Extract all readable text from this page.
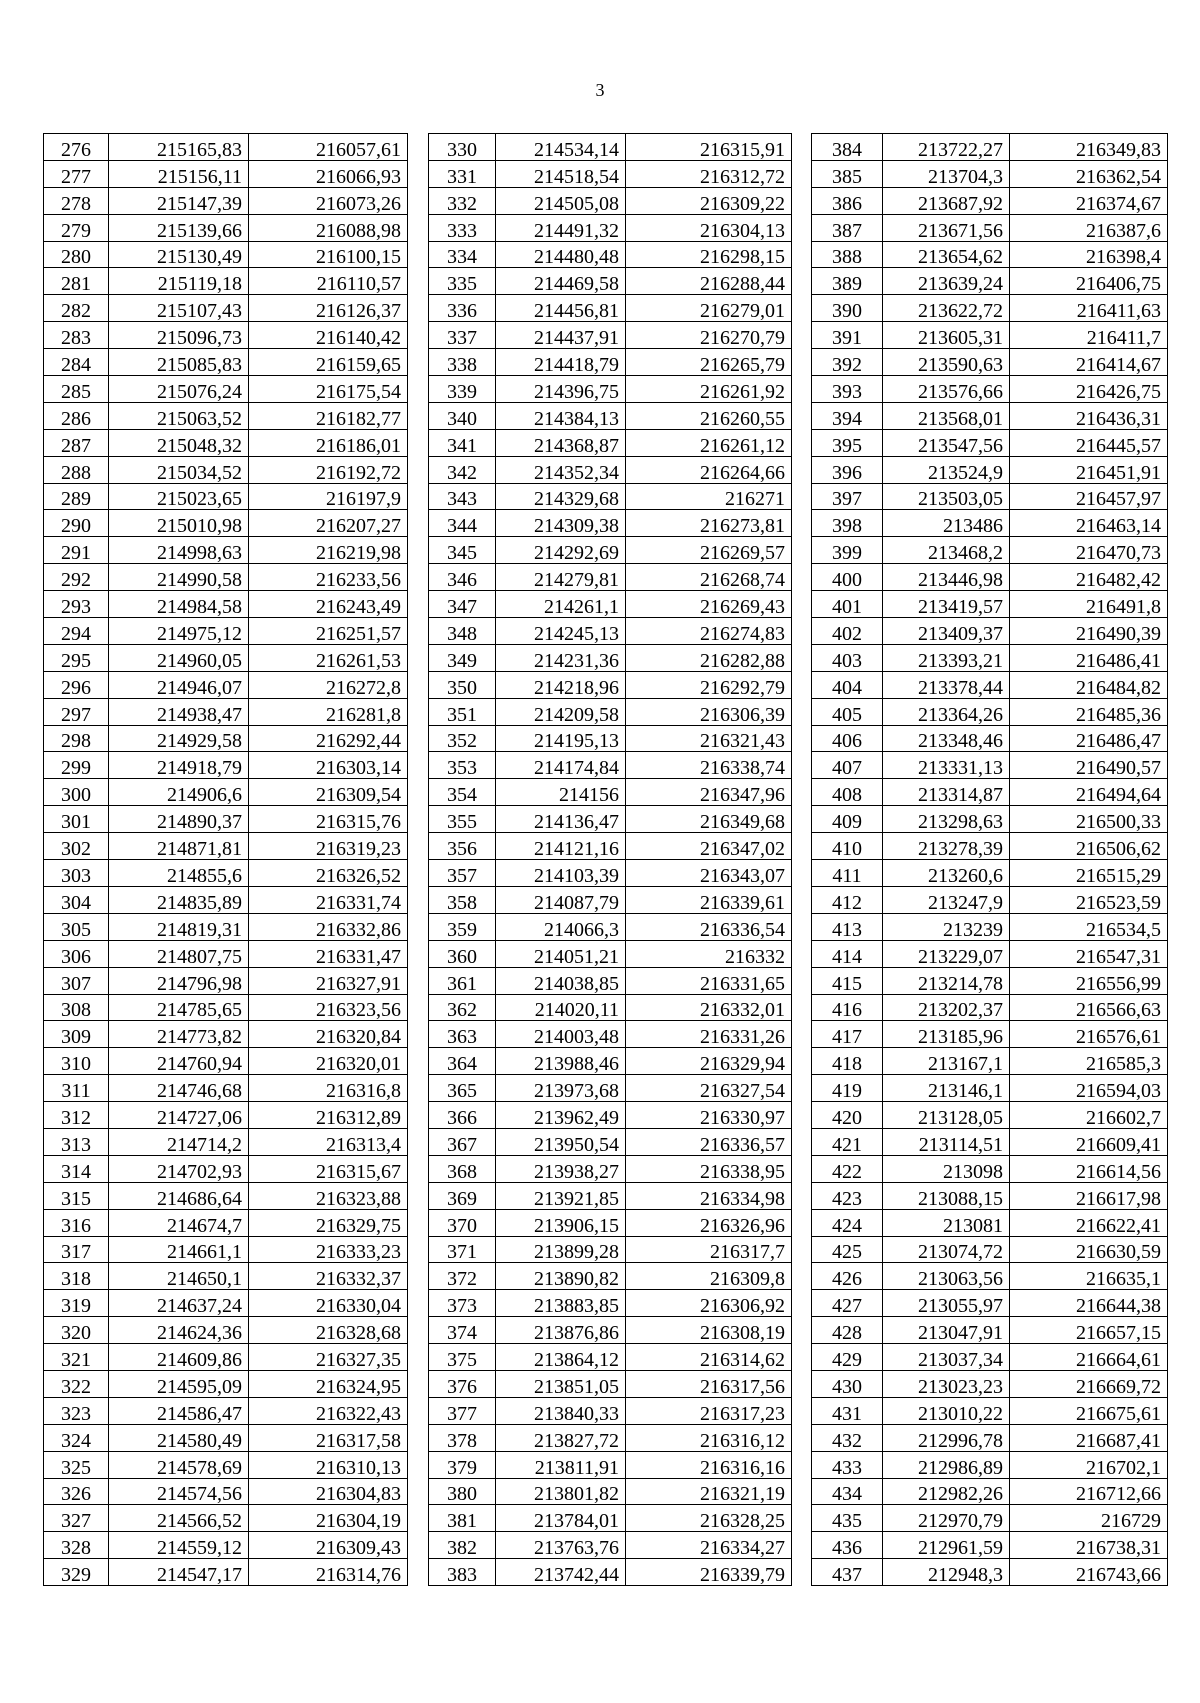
3
276	215165,83	216057,61
277	215156,11	216066,93
278	215147,39	216073,26
279	215139,66	216088,98
280	215130,49	216100,15
281	215119,18	216110,57
282	215107,43	216126,37
283	215096,73	216140,42
284	215085,83	216159,65
285	215076,24	216175,54
286	215063,52	216182,77
287	215048,32	216186,01
288	215034,52	216192,72
289	215023,65	216197,9
290	215010,98	216207,27
291	214998,63	216219,98
292	214990,58	216233,56
293	214984,58	216243,49
294	214975,12	216251,57
295	214960,05	216261,53
296	214946,07	216272,8
297	214938,47	216281,8
298	214929,58	216292,44
299	214918,79	216303,14
300	214906,6	216309,54
301	214890,37	216315,76
302	214871,81	216319,23
303	214855,6	216326,52
304	214835,89	216331,74
305	214819,31	216332,86
306	214807,75	216331,47
307	214796,98	216327,91
308	214785,65	216323,56
309	214773,82	216320,84
310	214760,94	216320,01
311	214746,68	216316,8
312	214727,06	216312,89
313	214714,2	216313,4
314	214702,93	216315,67
315	214686,64	216323,88
316	214674,7	216329,75
317	214661,1	216333,23
318	214650,1	216332,37
319	214637,24	216330,04
320	214624,36	216328,68
321	214609,86	216327,35
322	214595,09	216324,95
323	214586,47	216322,43
324	214580,49	216317,58
325	214578,69	216310,13
326	214574,56	216304,83
327	214566,52	216304,19
328	214559,12	216309,43
329	214547,17	216314,76
330	214534,14	216315,91
331	214518,54	216312,72
332	214505,08	216309,22
333	214491,32	216304,13
334	214480,48	216298,15
335	214469,58	216288,44
336	214456,81	216279,01
337	214437,91	216270,79
338	214418,79	216265,79
339	214396,75	216261,92
340	214384,13	216260,55
341	214368,87	216261,12
342	214352,34	216264,66
343	214329,68	216271
344	214309,38	216273,81
345	214292,69	216269,57
346	214279,81	216268,74
347	214261,1	216269,43
348	214245,13	216274,83
349	214231,36	216282,88
350	214218,96	216292,79
351	214209,58	216306,39
352	214195,13	216321,43
353	214174,84	216338,74
354	214156	216347,96
355	214136,47	216349,68
356	214121,16	216347,02
357	214103,39	216343,07
358	214087,79	216339,61
359	214066,3	216336,54
360	214051,21	216332
361	214038,85	216331,65
362	214020,11	216332,01
363	214003,48	216331,26
364	213988,46	216329,94
365	213973,68	216327,54
366	213962,49	216330,97
367	213950,54	216336,57
368	213938,27	216338,95
369	213921,85	216334,98
370	213906,15	216326,96
371	213899,28	216317,7
372	213890,82	216309,8
373	213883,85	216306,92
374	213876,86	216308,19
375	213864,12	216314,62
376	213851,05	216317,56
377	213840,33	216317,23
378	213827,72	216316,12
379	213811,91	216316,16
380	213801,82	216321,19
381	213784,01	216328,25
382	213763,76	216334,27
383	213742,44	216339,79
384	213722,27	216349,83
385	213704,3	216362,54
386	213687,92	216374,67
387	213671,56	216387,6
388	213654,62	216398,4
389	213639,24	216406,75
390	213622,72	216411,63
391	213605,31	216411,7
392	213590,63	216414,67
393	213576,66	216426,75
394	213568,01	216436,31
395	213547,56	216445,57
396	213524,9	216451,91
397	213503,05	216457,97
398	213486	216463,14
399	213468,2	216470,73
400	213446,98	216482,42
401	213419,57	216491,8
402	213409,37	216490,39
403	213393,21	216486,41
404	213378,44	216484,82
405	213364,26	216485,36
406	213348,46	216486,47
407	213331,13	216490,57
408	213314,87	216494,64
409	213298,63	216500,33
410	213278,39	216506,62
411	213260,6	216515,29
412	213247,9	216523,59
413	213239	216534,5
414	213229,07	216547,31
415	213214,78	216556,99
416	213202,37	216566,63
417	213185,96	216576,61
418	213167,1	216585,3
419	213146,1	216594,03
420	213128,05	216602,7
421	213114,51	216609,41
422	213098	216614,56
423	213088,15	216617,98
424	213081	216622,41
425	213074,72	216630,59
426	213063,56	216635,1
427	213055,97	216644,38
428	213047,91	216657,15
429	213037,34	216664,61
430	213023,23	216669,72
431	213010,22	216675,61
432	212996,78	216687,41
433	212986,89	216702,1
434	212982,26	216712,66
435	212970,79	216729
436	212961,59	216738,31
437	212948,3	216743,66
